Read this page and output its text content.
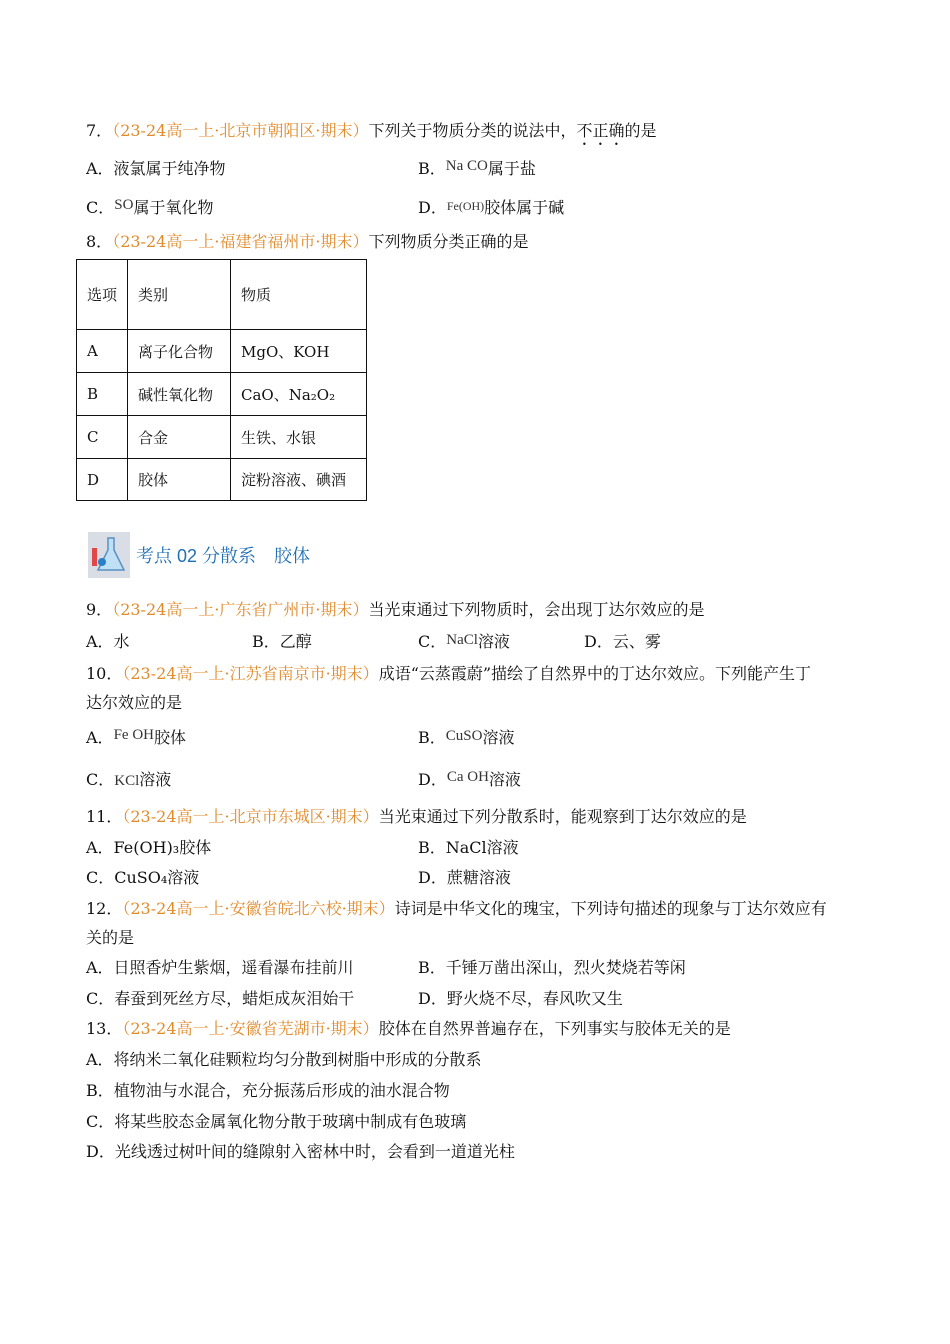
7．（23-24高一上·北京市朝阳区·期末）下列关于物质分类的说法中，不正确的是
A．液氯属于纯净物	B．Na CO属于盐
C．SO属于氧化物	D．Fe(OH)胶体属于碱
8．（23-24高一上·福建省福州市·期末）下列物质分类正确的是
选项	类别	物质
A	离子化合物	MgO、KOH
B	碱性氧化物	CaO、Na₂O₂
C	合金	生铁、水银
D	胶体	淀粉溶液、碘酒
考点 02 分散系　胶体
9．（23-24高一上·广东省广州市·期末）当光束通过下列物质时，会出现丁达尔效应的是
A．水	B．乙醇	C．NaCl溶液	D．云、雾
10．（23-24高一上·江苏省南京市·期末）成语“云蒸霞蔚”描绘了自然界中的丁达尔效应。下列能产生丁
达尔效应的是
A．Fe OH胶体	B．CuSO溶液
C．KCl溶液	D．Ca OH溶液
11．（23-24高一上·北京市东城区·期末）当光束通过下列分散系时，能观察到丁达尔效应的是
A．Fe(OH)₃胶体	B．NaCl溶液
C．CuSO₄溶液	D．蔗糖溶液
12．（23-24高一上·安徽省皖北六校·期末）诗词是中华文化的瑰宝，下列诗句描述的现象与丁达尔效应有
关的是
A．日照香炉生紫烟，遥看瀑布挂前川	B．千锤万凿出深山，烈火焚烧若等闲
C．春蚕到死丝方尽，蜡炬成灰泪始干	D．野火烧不尽，春风吹又生
13．（23-24高一上·安徽省芜湖市·期末）胶体在自然界普遍存在，下列事实与胶体无关的是
A．将纳米二氧化硅颗粒均匀分散到树脂中形成的分散系
B．植物油与水混合，充分振荡后形成的油水混合物
C．将某些胶态金属氧化物分散于玻璃中制成有色玻璃
D．光线透过树叶间的缝隙射入密林中时，会看到一道道光柱
